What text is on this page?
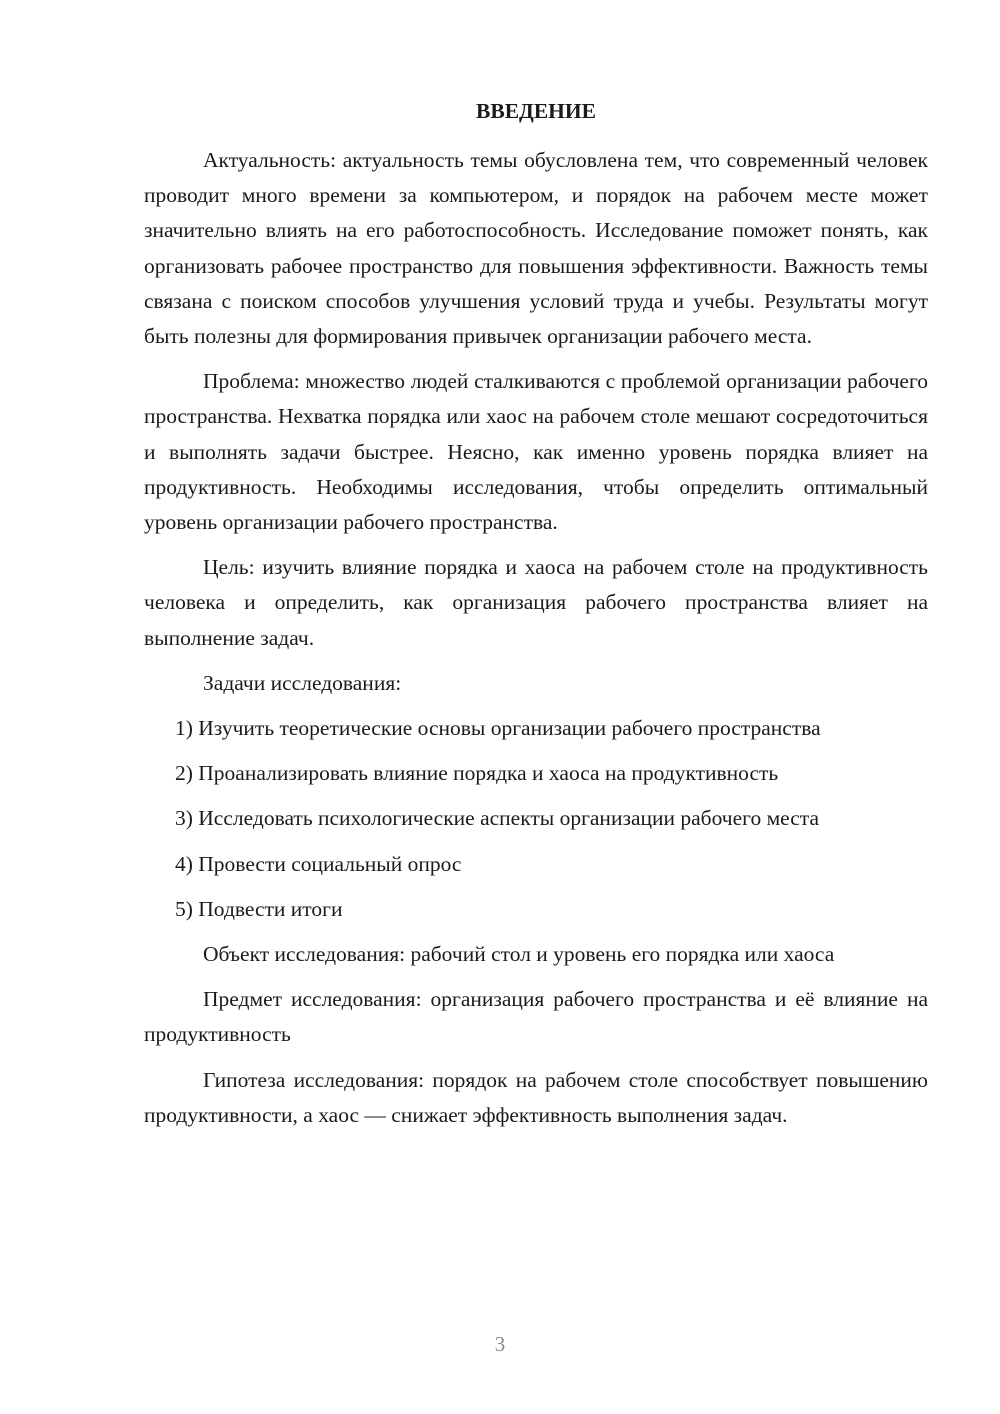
ВВЕДЕНИЕ

Актуальность: актуальность темы обусловлена тем, что современный человек проводит много времени за компьютером, и порядок на рабочем месте может значительно влиять на его работоспособность. Исследование поможет понять, как организовать рабочее пространство для повышения эффективности. Важность темы связана с поиском способов улучшения условий труда и учебы. Результаты могут быть полезны для формирования привычек организации рабочего места.

Проблема: множество людей сталкиваются с проблемой организации рабочего пространства. Нехватка порядка или хаос на рабочем столе мешают сосредоточиться и выполнять задачи быстрее. Неясно, как именно уровень порядка влияет на продуктивность. Необходимы исследования, чтобы определить оптимальный уровень организации рабочего пространства.

Цель: изучить влияние порядка и хаоса на рабочем столе на продуктивность человека и определить, как организация рабочего пространства влияет на выполнение задач.

Задачи исследования:

1) Изучить теоретические основы организации рабочего пространства
2) Проанализировать влияние порядка и хаоса на продуктивность
3) Исследовать психологические аспекты организации рабочего места
4) Провести социальный опрос
5) Подвести итоги

Объект исследования: рабочий стол и уровень его порядка или хаоса

Предмет исследования: организация рабочего пространства и её влияние на продуктивность

Гипотеза исследования: порядок на рабочем столе способствует повышению продуктивности, а хаос — снижает эффективность выполнения задач.

3
